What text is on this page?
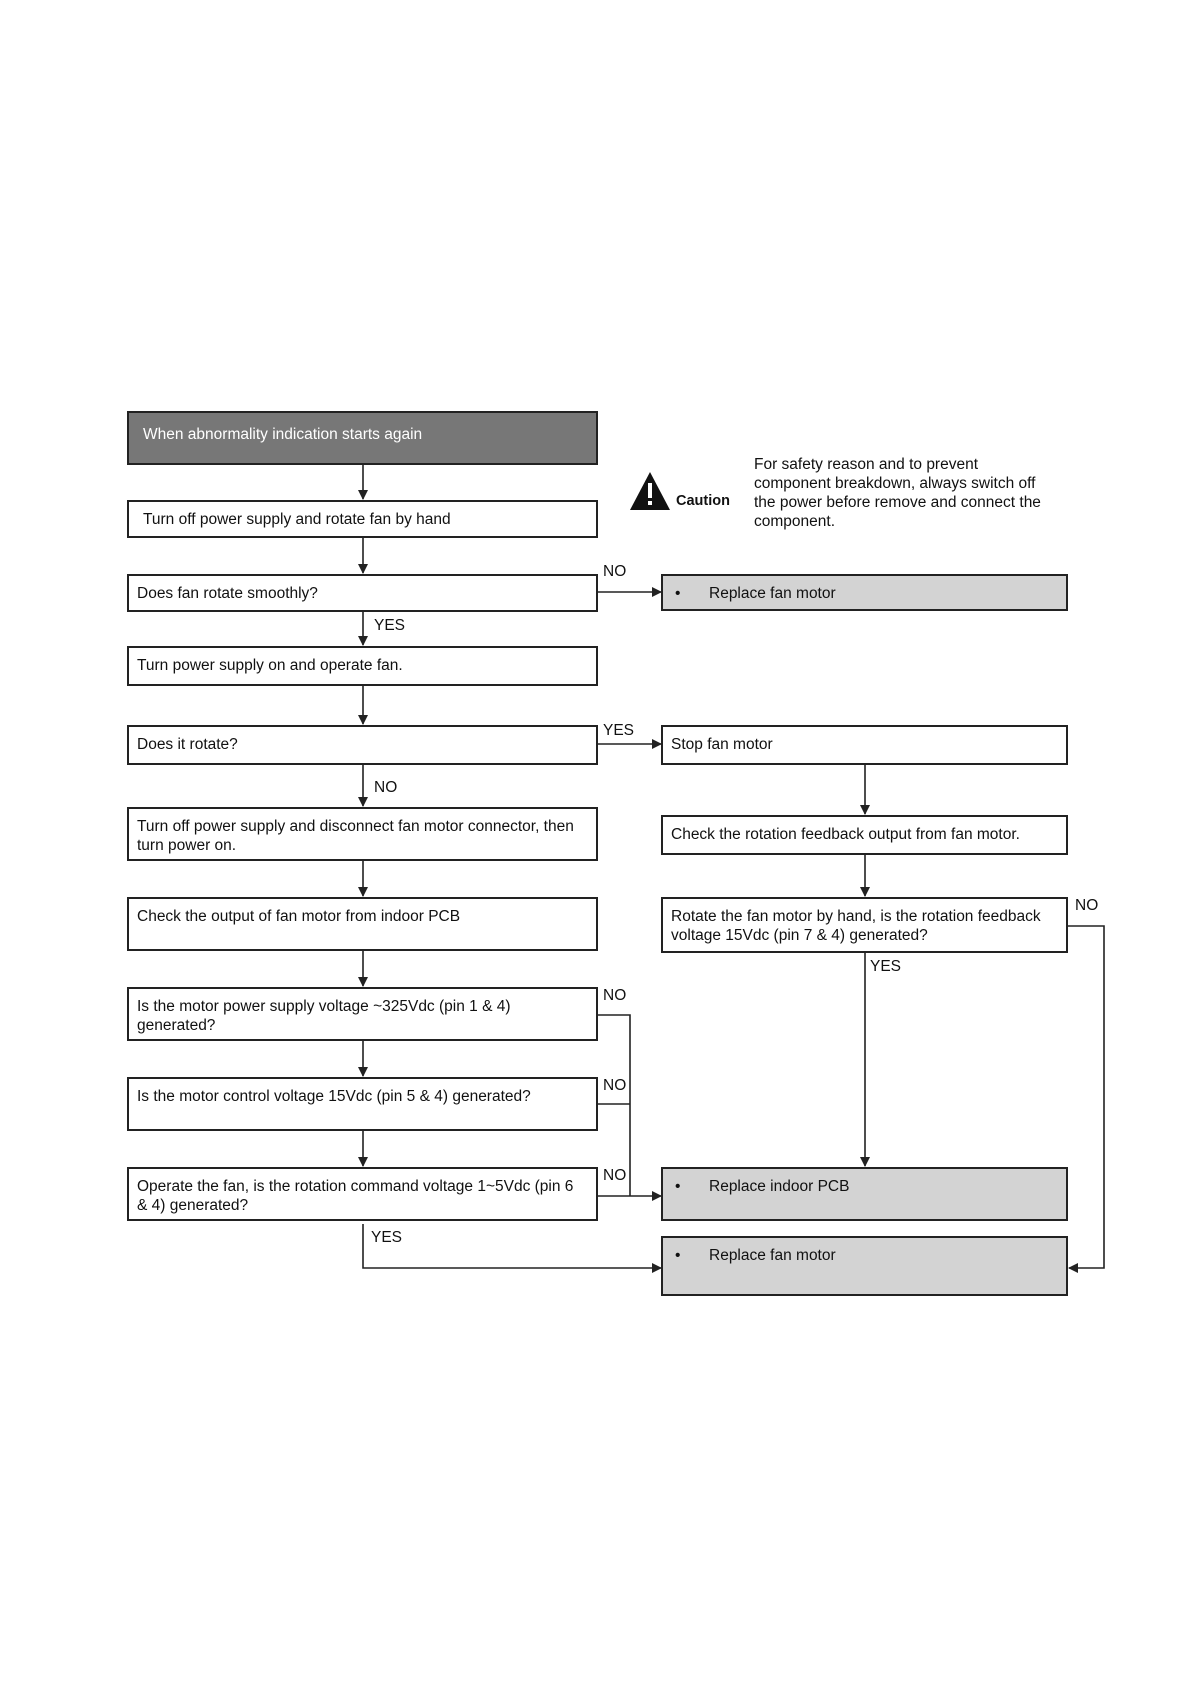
When abnormality indication starts again
Turn off power supply and rotate fan by hand
Does fan rotate smoothly?
Turn power supply on and operate fan.
Does it rotate?
Turn off power supply and disconnect fan motor connector, then turn power on.
Check the output of fan motor from indoor PCB
Is the motor power supply voltage ~325Vdc (pin 1 & 4) generated?
Is the motor control voltage 15Vdc (pin 5 & 4) generated?
Operate the fan, is the rotation command voltage 1~5Vdc (pin 6 & 4) generated?
• Replace fan motor
Stop fan motor
Check the rotation feedback output from fan motor.
Rotate the fan motor by hand, is the rotation feedback voltage 15Vdc (pin 7 & 4) generated?
• Replace indoor PCB
• Replace fan motor
NO
YES
YES
NO
NO
YES
NO
NO
NO
YES
Caution
For safety reason and to prevent component breakdown, always switch off the power before remove and connect the component.
